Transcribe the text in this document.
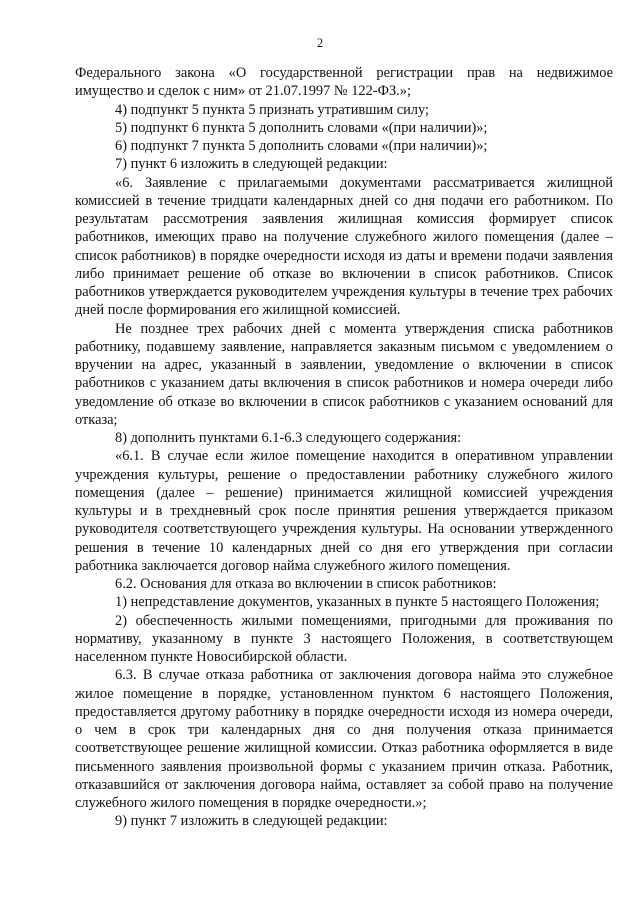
2

Федерального закона «О государственной регистрации прав на недвижимое имущество и сделок с ним» от 21.07.1997 № 122-ФЗ.»;

4) подпункт 5 пункта 5 признать утратившим силу;

5) подпункт 6 пункта 5 дополнить словами «(при наличии)»;

6) подпункт 7 пункта 5 дополнить словами «(при наличии)»;

7) пункт 6 изложить в следующей редакции:

«6. Заявление с прилагаемыми документами рассматривается жилищной комиссией в течение тридцати календарных дней со дня подачи его работником. По результатам рассмотрения заявления жилищная комиссия формирует список работников, имеющих право на получение служебного жилого помещения (далее – список работников) в порядке очередности исходя из даты и времени подачи заявления либо принимает решение об отказе во включении в список работников. Список работников утверждается руководителем учреждения культуры в течение трех рабочих дней после формирования его жилищной комиссией.

Не позднее трех рабочих дней с момента утверждения списка работников работнику, подавшему заявление, направляется заказным письмом с уведомлением о вручении на адрес, указанный в заявлении, уведомление о включении в список работников с указанием даты включения в список работников и номера очереди либо уведомление об отказе во включении в список работников с указанием оснований для отказа;

8) дополнить пунктами 6.1-6.3 следующего содержания:

«6.1. В случае если жилое помещение находится в оперативном управлении учреждения культуры, решение о предоставлении работнику служебного жилого помещения (далее – решение) принимается жилищной комиссией учреждения культуры и в трехдневный срок после принятия решения утверждается приказом руководителя соответствующего учреждения культуры. На основании утвержденного решения в течение 10 календарных дней со дня его утверждения при согласии работника заключается договор найма служебного жилого помещения.

6.2. Основания для отказа во включении в список работников:

1) непредставление документов, указанных в пункте 5 настоящего Положения;

2) обеспеченность жилыми помещениями, пригодными для проживания по нормативу, указанному в пункте 3 настоящего Положения, в соответствующем населенном пункте Новосибирской области.

6.3. В случае отказа работника от заключения договора найма это служебное жилое помещение в порядке, установленном пунктом 6 настоящего Положения, предоставляется другому работнику в порядке очередности исходя из номера очереди, о чем в срок три календарных дня со дня получения отказа принимается соответствующее решение жилищной комиссии. Отказ работника оформляется в виде письменного заявления произвольной формы с указанием причин отказа. Работник, отказавшийся от заключения договора найма, оставляет за собой право на получение служебного жилого помещения в порядке очередности.»;

9) пункт 7 изложить в следующей редакции:
